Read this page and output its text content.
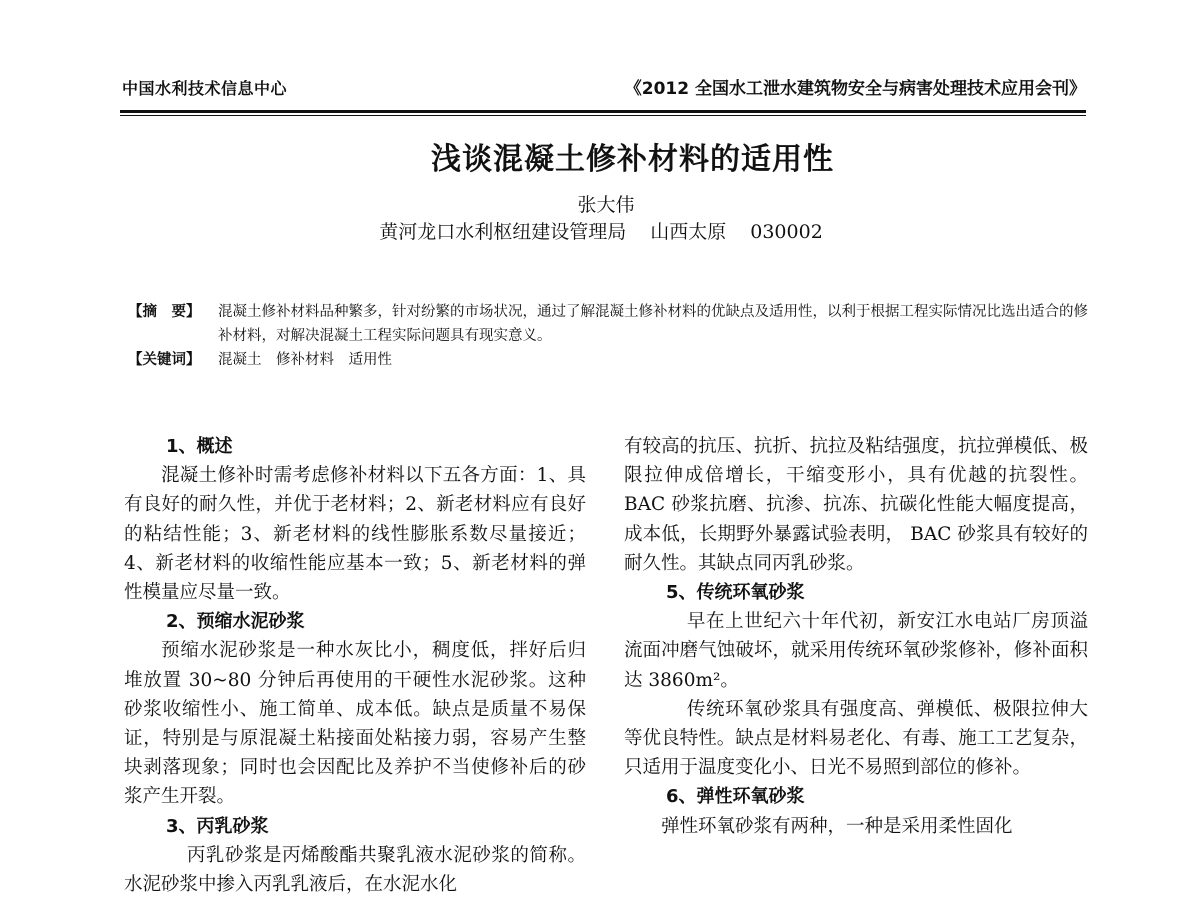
中国水利技术信息中心	《2012 全国水工泄水建筑物安全与病害处理技术应用会刊》
浅谈混凝土修补材料的适用性
张大伟
黄河龙口水利枢纽建设管理局 山西太原 030002
【摘　要】	混凝土修补材料品种繁多，针对纷繁的市场状况，通过了解混凝土修补材料的优缺点及适用性，以利于根据工程实际情况比选出适合的修补材料，对解决混凝土工程实际问题具有现实意义。
【关键词】	混凝土　修补材料　适用性

1、概述

混凝土修补时需考虑修补材料以下五各方面：1、具有良好的耐久性，并优于老材料；2、新老材料应有良好的粘结性能；3、新老材料的线性膨胀系数尽量接近；4、新老材料的收缩性能应基本一致；5、新老材料的弹性模量应尽量一致。

2、预缩水泥砂浆

预缩水泥砂浆是一种水灰比小，稠度低，拌好后归堆放置 30~80 分钟后再使用的干硬性水泥砂浆。这种砂浆收缩性小、施工简单、成本低。缺点是质量不易保证，特别是与原混凝土粘接面处粘接力弱，容易产生整块剥落现象；同时也会因配比及养护不当使修补后的砂浆产生开裂。

3、丙乳砂浆

丙乳砂浆是丙烯酸酯共聚乳液水泥砂浆的简称。水泥砂浆中掺入丙乳乳液后，在水泥水化

有较高的抗压、抗折、抗拉及粘结强度，抗拉弹模低、极限拉伸成倍增长，干缩变形小，具有优越的抗裂性。BAC 砂浆抗磨、抗渗、抗冻、抗碳化性能大幅度提高，成本低，长期野外暴露试验表明， BAC 砂浆具有较好的耐久性。其缺点同丙乳砂浆。

5、传统环氧砂浆

早在上世纪六十年代初，新安江水电站厂房顶溢流面冲磨气蚀破坏，就采用传统环氧砂浆修补，修补面积达 3860m²。

传统环氧砂浆具有强度高、弹模低、极限拉伸大等优良特性。缺点是材料易老化、有毒、施工工艺复杂，只适用于温度变化小、日光不易照到部位的修补。

6、弹性环氧砂浆

弹性环氧砂浆有两种，一种是采用柔性固化
